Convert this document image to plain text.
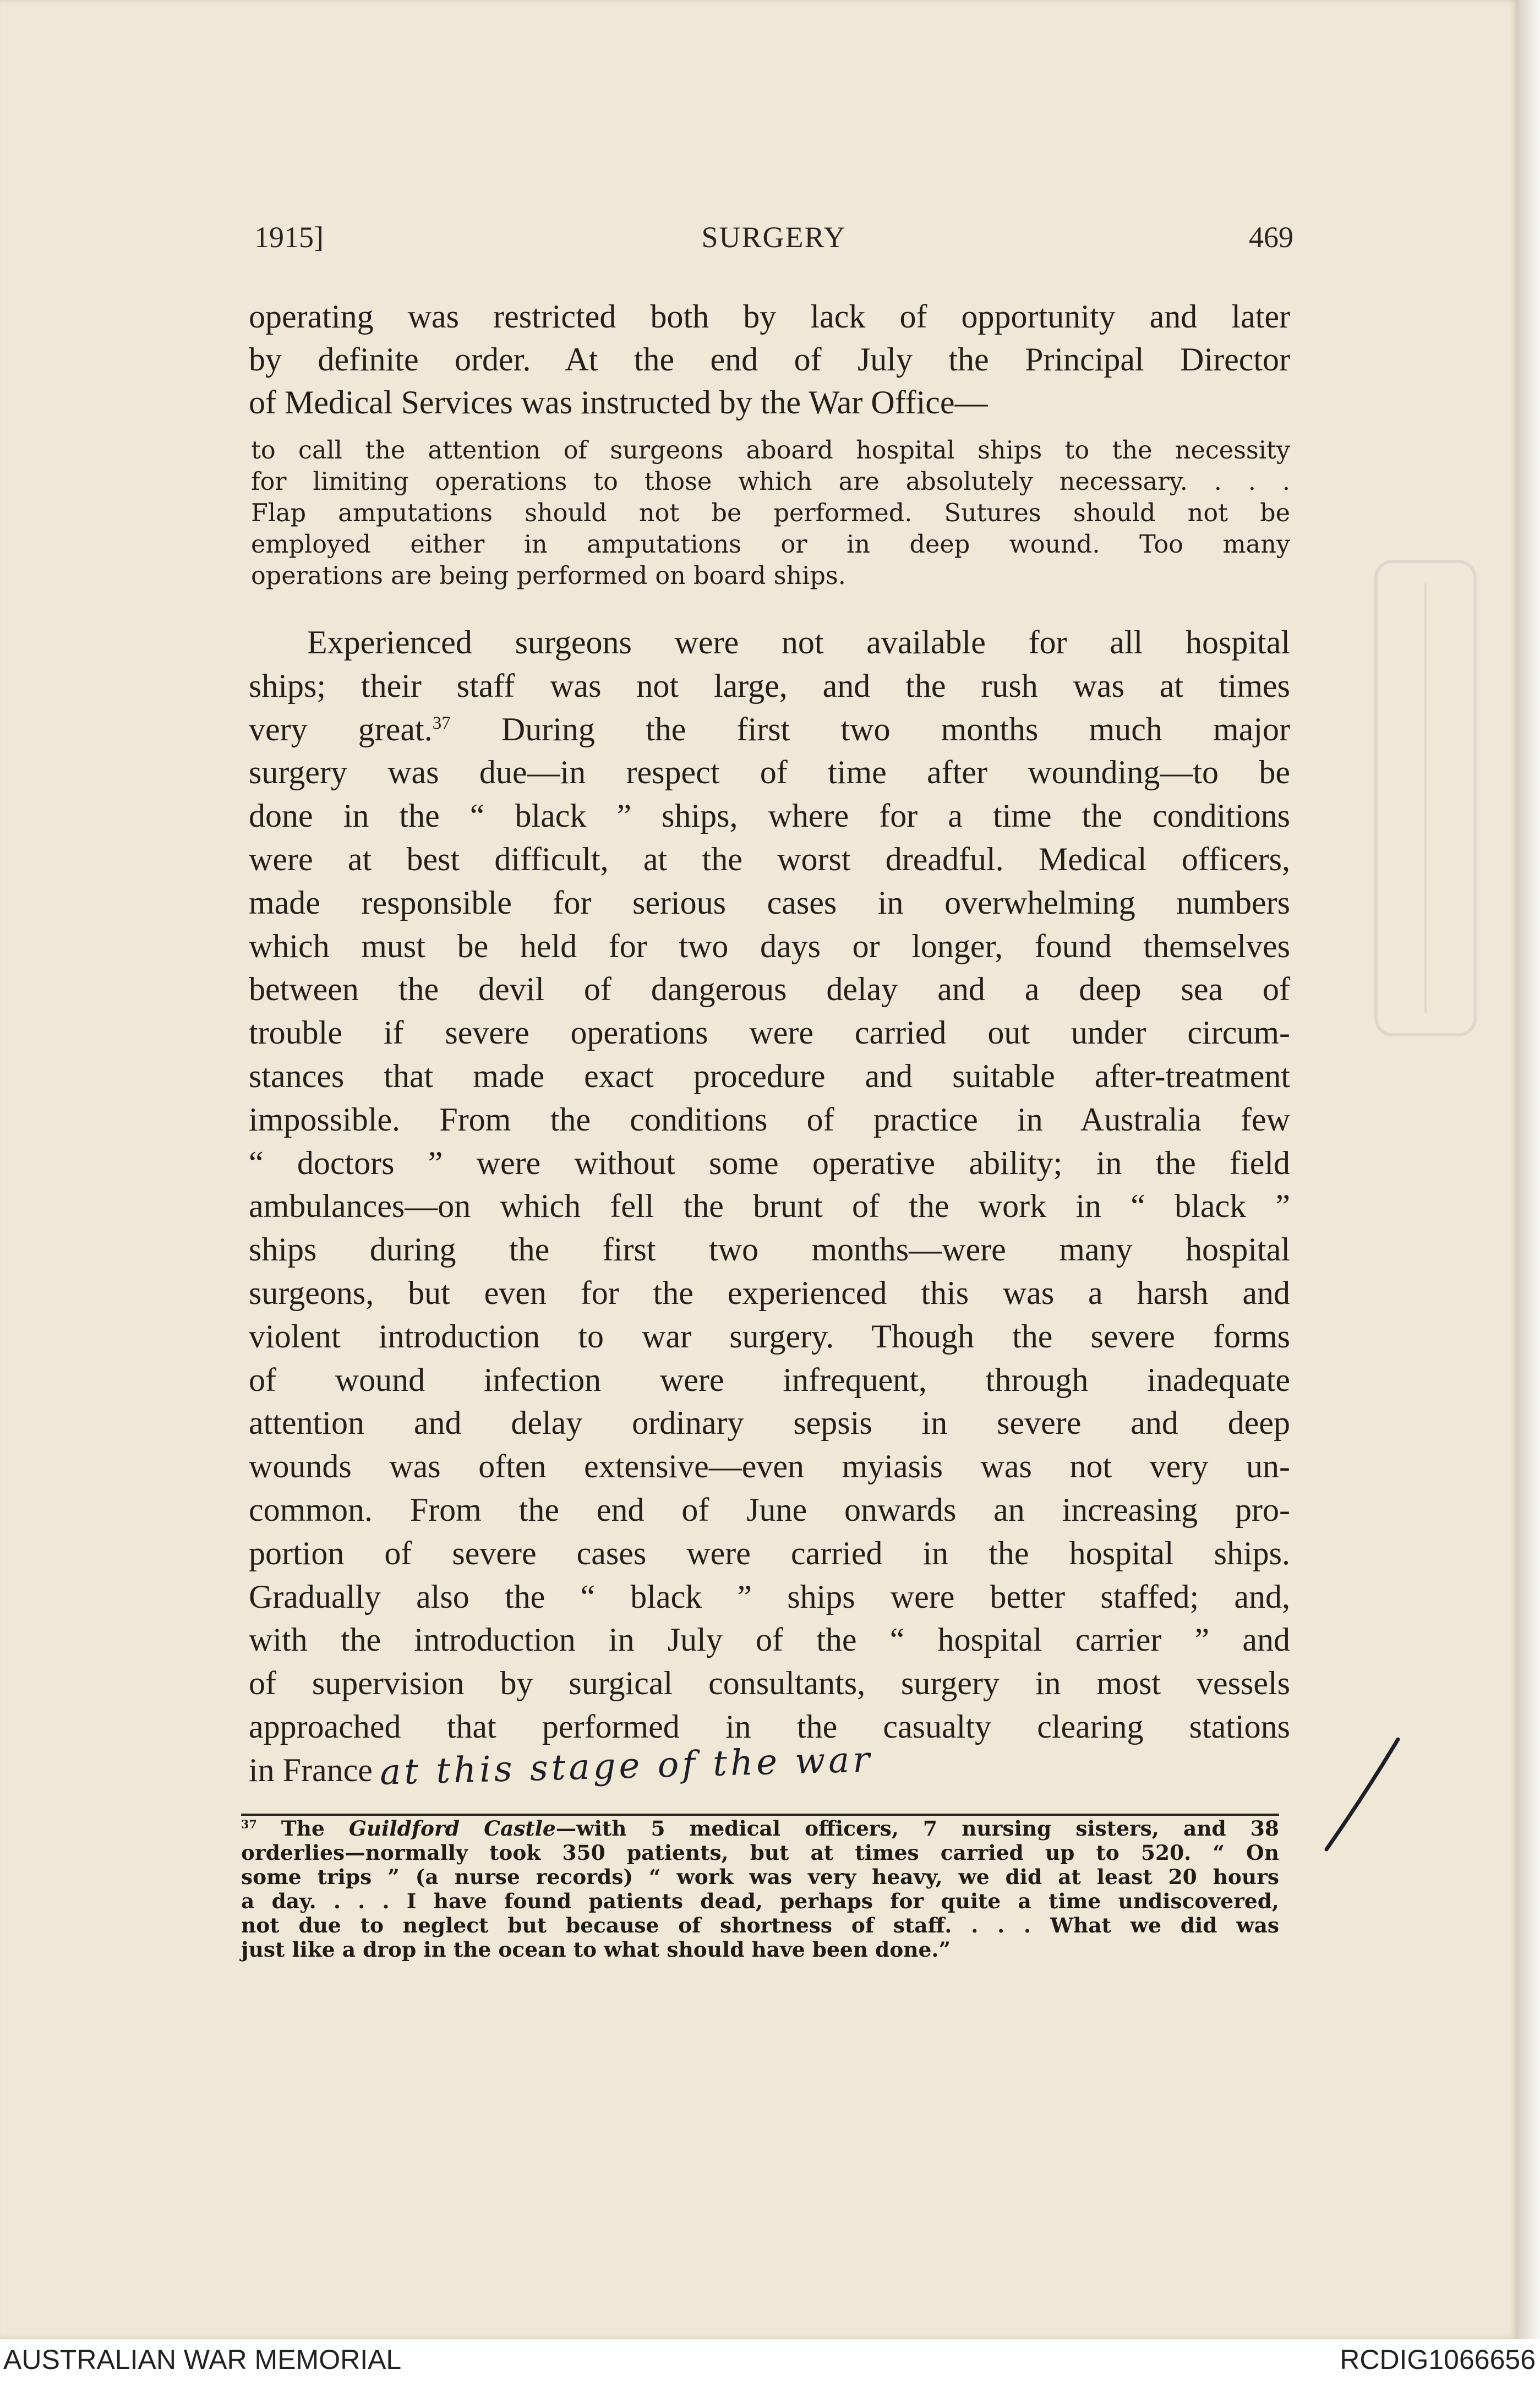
1915]	SURGERY	469
operating was restricted both by lack of opportunity and later
by definite order. At the end of July the Principal Director
of Medical Services was instructed by the War Office—
to call the attention of surgeons aboard hospital ships to the necessity
for limiting operations to those which are absolutely necessary. . . .
Flap amputations should not be performed. Sutures should not be
employed either in amputations or in deep wound. Too many
operations are being performed on board ships.
Experienced surgeons were not available for all hospital
ships; their staff was not large, and the rush was at times
very great.$^{37}$ During the first two months much major
surgery was due—in respect of time after wounding—to be
done in the “ black ” ships, where for a time the conditions
were at best difficult, at the worst dreadful. Medical officers,
made responsible for serious cases in overwhelming numbers
which must be held for two days or longer, found themselves
between the devil of dangerous delay and a deep sea of
trouble if severe operations were carried out under circum-
stances that made exact procedure and suitable after-treatment
impossible. From the conditions of practice in Australia few
“ doctors ” were without some operative ability; in the field
ambulances—on which fell the brunt of the work in “ black ”
ships during the first two months—were many hospital
surgeons, but even for the experienced this was a harsh and
violent introduction to war surgery. Though the severe forms
of wound infection were infrequent, through inadequate
attention and delay ordinary sepsis in severe and deep
wounds was often extensive—even myiasis was not very un-
common. From the end of June onwards an increasing pro-
portion of severe cases were carried in the hospital ships.
Gradually also the “ black ” ships were better staffed; and,
with the introduction in July of the “ hospital carrier ” and
of supervision by surgical consultants, surgery in most vessels
approached that performed in the casualty clearing stations
in France at this stage of the war
$^{37}$ The Guildford Castle—with 5 medical officers, 7 nursing sisters, and 38
orderlies—normally took 350 patients, but at times carried up to 520. “ On
some trips ” (a nurse records) “ work was very heavy, we did at least 20 hours
a day. . . . I have found patients dead, perhaps for quite a time undiscovered,
not due to neglect but because of shortness of staff. . . . What we did was
just like a drop in the ocean to what should have been done.”
AUSTRALIAN WAR MEMORIAL	RCDIG1066656
